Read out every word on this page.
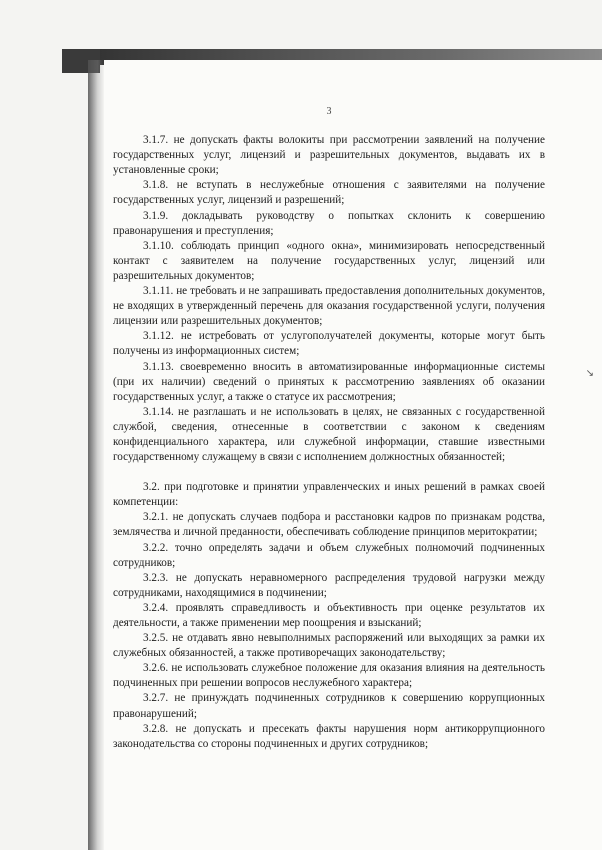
↘
3

3.1.7. не допускать факты волокиты при рассмотрении заявлений на получение государственных услуг, лицензий и разрешительных документов, выдавать их в установленные сроки;

3.1.8. не вступать в неслужебные отношения с заявителями на получение государственных услуг, лицензий и разрешений;

3.1.9. докладывать руководству о попытках склонить к совершению правонарушения и преступления;

3.1.10. соблюдать принцип «одного окна», минимизировать непосредственный контакт с заявителем на получение государственных услуг, лицензий или разрешительных документов;

3.1.11. не требовать и не запрашивать предоставления дополнительных документов, не входящих в утвержденный перечень для оказания государственной услуги, получения лицензии или разрешительных документов;

3.1.12. не истребовать от услугополучателей документы, которые могут быть получены из информационных систем;

3.1.13. своевременно вносить в автоматизированные информационные системы (при их наличии) сведений о принятых к рассмотрению заявлениях об оказании государственных услуг, а также о статусе их рассмотрения;

3.1.14. не разглашать и не использовать в целях, не связанных с государственной службой, сведения, отнесенные в соответствии с законом к сведениям конфиденциального характера, или служебной информации, ставшие известными государственному служащему в связи с исполнением должностных обязанностей;

3.2. при подготовке и принятии управленческих и иных решений в рамках своей компетенции:

3.2.1. не допускать случаев подбора и расстановки кадров по признакам родства, землячества и личной преданности, обеспечивать соблюдение принципов меритократии;

3.2.2. точно определять задачи и объем служебных полномочий подчиненных сотрудников;

3.2.3. не допускать неравномерного распределения трудовой нагрузки между сотрудниками, находящимися в подчинении;

3.2.4. проявлять справедливость и объективность при оценке результатов их деятельности, а также применении мер поощрения и взысканий;

3.2.5. не отдавать явно невыполнимых распоряжений или выходящих за рамки их служебных обязанностей, а также противоречащих законодательству;

3.2.6. не использовать служебное положение для оказания влияния на деятельность подчиненных при решении вопросов неслужебного характера;

3.2.7. не принуждать подчиненных сотрудников к совершению коррупционных правонарушений;

3.2.8. не допускать и пресекать факты нарушения норм антикоррупционного законодательства со стороны подчиненных и других сотрудников;
